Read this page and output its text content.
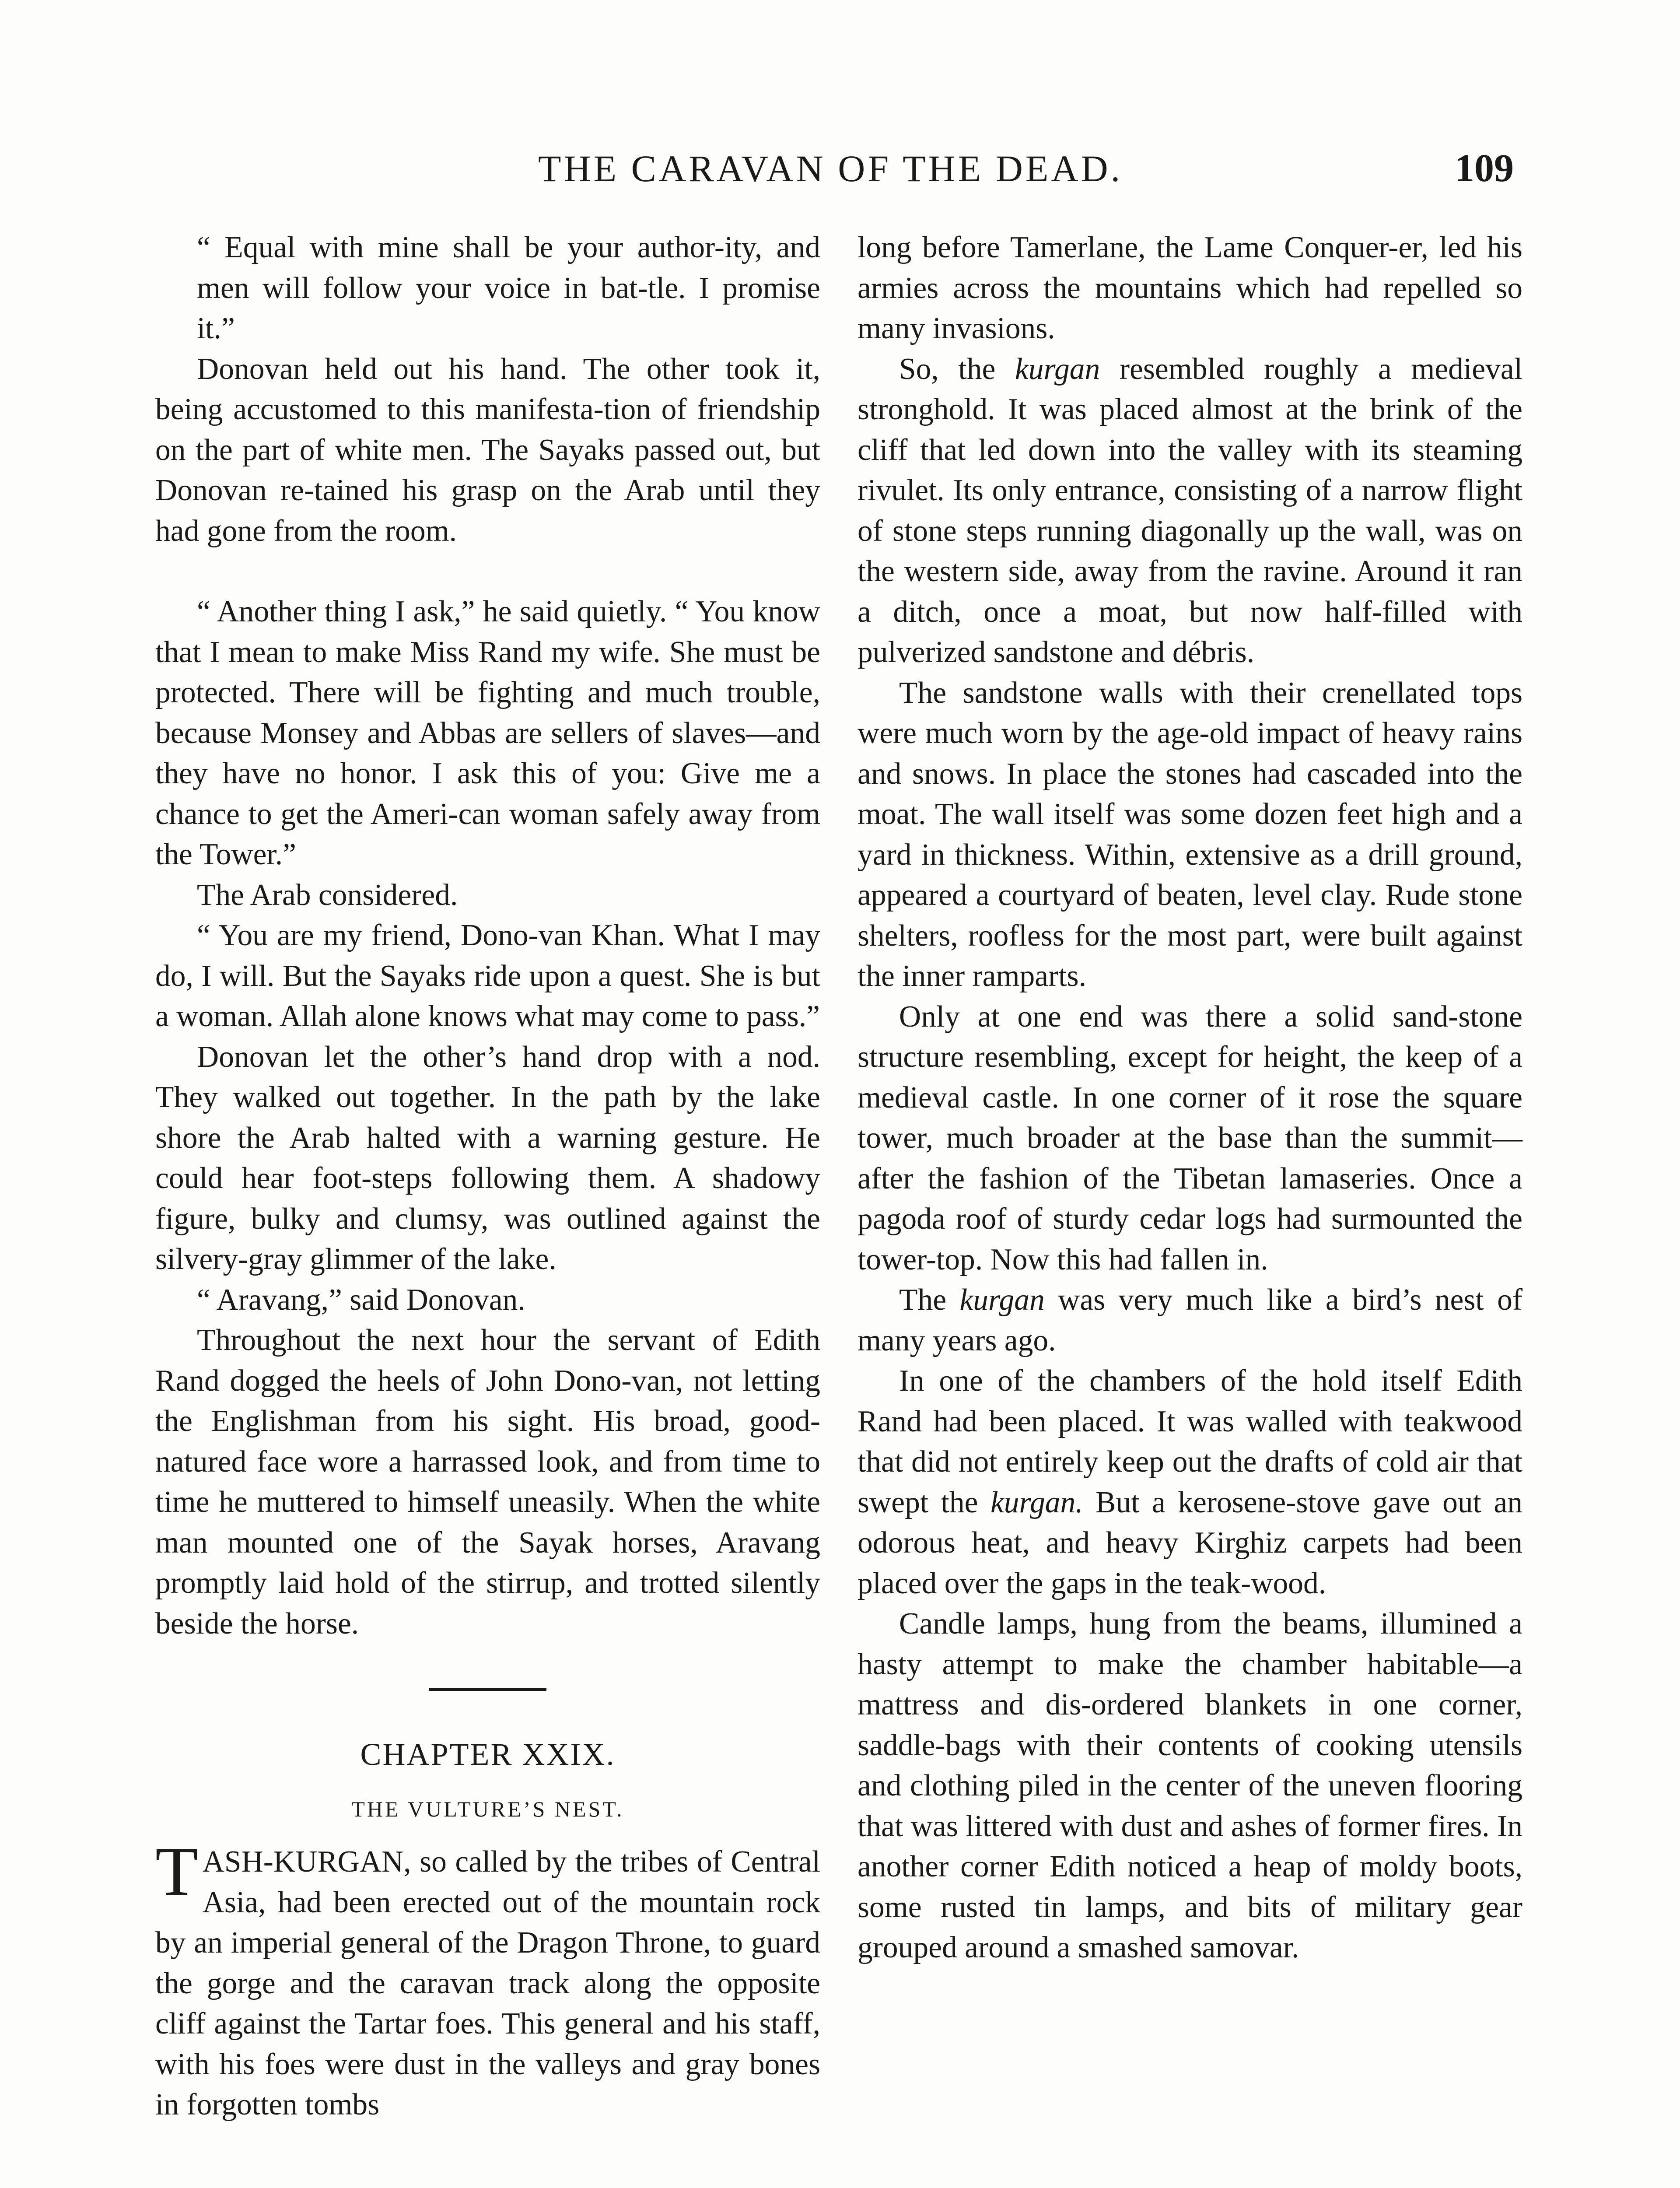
THE CARAVAN OF THE DEAD.	109

“ Equal with mine shall be your author-ity, and men will follow your voice in bat-tle. I promise it.”

Donovan held out his hand. The other took it, being accustomed to this manifesta-tion of friendship on the part of white men. The Sayaks passed out, but Donovan re-tained his grasp on the Arab until they had gone from the room.

“ Another thing I ask,” he said quietly. “ You know that I mean to make Miss Rand my wife. She must be protected. There will be fighting and much trouble, because Monsey and Abbas are sellers of slaves—and they have no honor. I ask this of you: Give me a chance to get the Ameri-can woman safely away from the Tower.”

The Arab considered.

“ You are my friend, Dono-van Khan. What I may do, I will. But the Sayaks ride upon a quest. She is but a woman. Allah alone knows what may come to pass.”

Donovan let the other’s hand drop with a nod. They walked out together. In the path by the lake shore the Arab halted with a warning gesture. He could hear foot-steps following them. A shadowy figure, bulky and clumsy, was outlined against the silvery-gray glimmer of the lake.

“ Aravang,” said Donovan.

Throughout the next hour the servant of Edith Rand dogged the heels of John Dono-van, not letting the Englishman from his sight. His broad, good-natured face wore a harrassed look, and from time to time he muttered to himself uneasily. When the white man mounted one of the Sayak horses, Aravang promptly laid hold of the stirrup, and trotted silently beside the horse.

CHAPTER XXIX.
THE VULTURE’S NEST.

TASH-KURGAN, so called by the tribes of Central Asia, had been erected out of the mountain rock by an imperial general of the Dragon Throne, to guard the gorge and the caravan track along the opposite cliff against the Tartar foes. This general and his staff, with his foes were dust in the valleys and gray bones in forgotten tombs

long before Tamerlane, the Lame Conquer-er, led his armies across the mountains which had repelled so many invasions.

So, the kurgan resembled roughly a medieval stronghold. It was placed almost at the brink of the cliff that led down into the valley with its steaming rivulet. Its only entrance, consisting of a narrow flight of stone steps running diagonally up the wall, was on the western side, away from the ravine. Around it ran a ditch, once a moat, but now half-filled with pulverized sandstone and débris.

The sandstone walls with their crenellated tops were much worn by the age-old impact of heavy rains and snows. In place the stones had cascaded into the moat. The wall itself was some dozen feet high and a yard in thickness. Within, extensive as a drill ground, appeared a courtyard of beaten, level clay. Rude stone shelters, roofless for the most part, were built against the inner ramparts.

Only at one end was there a solid sand-stone structure resembling, except for height, the keep of a medieval castle. In one corner of it rose the square tower, much broader at the base than the summit—after the fashion of the Tibetan lamaseries. Once a pagoda roof of sturdy cedar logs had surmounted the tower-top. Now this had fallen in.

The kurgan was very much like a bird’s nest of many years ago.

In one of the chambers of the hold itself Edith Rand had been placed. It was walled with teakwood that did not entirely keep out the drafts of cold air that swept the kurgan. But a kerosene-stove gave out an odorous heat, and heavy Kirghiz carpets had been placed over the gaps in the teak-wood.

Candle lamps, hung from the beams, illumined a hasty attempt to make the chamber habitable—a mattress and dis-ordered blankets in one corner, saddle-bags with their contents of cooking utensils and clothing piled in the center of the uneven flooring that was littered with dust and ashes of former fires. In another corner Edith noticed a heap of moldy boots, some rusted tin lamps, and bits of military gear grouped around a smashed samovar.
